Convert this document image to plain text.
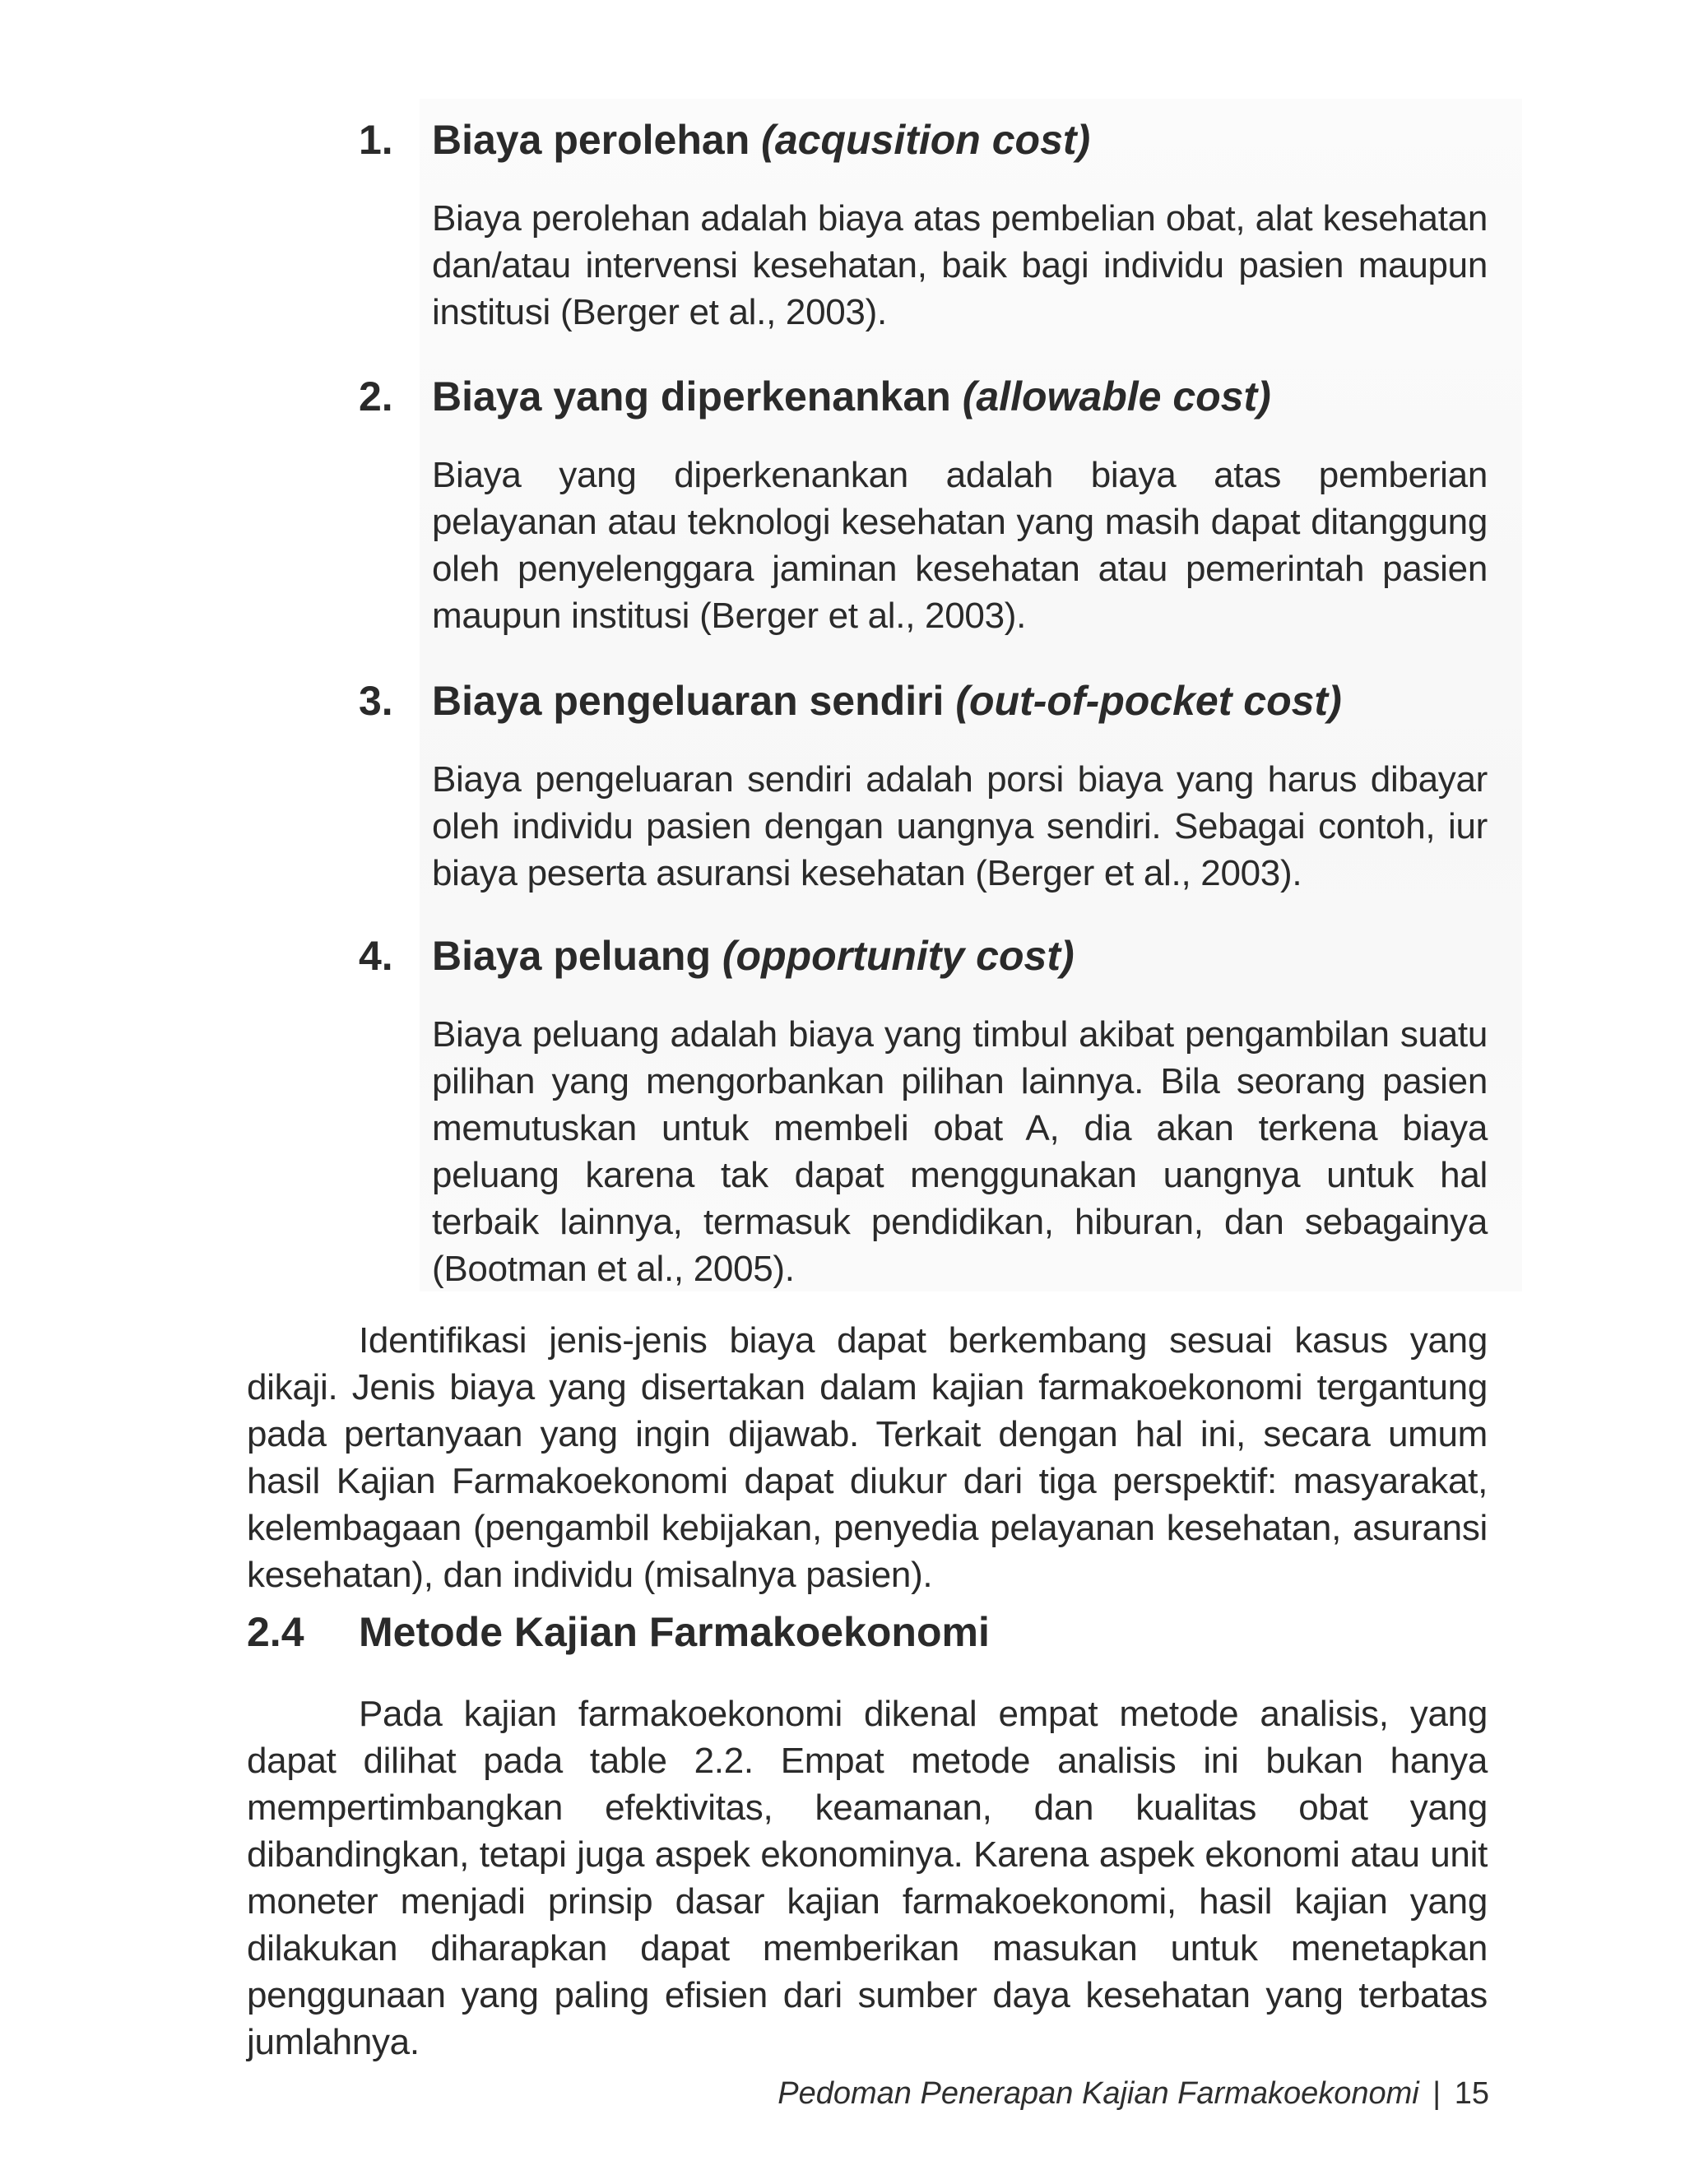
1. Biaya perolehan (acqusition cost)
Biaya perolehan adalah biaya atas pembelian obat, alat kesehatan dan/atau intervensi kesehatan, baik bagi individu pasien maupun institusi (Berger et al., 2003).
2. Biaya yang diperkenankan (allowable cost)
Biaya yang diperkenankan adalah biaya atas pemberian pelayanan atau teknologi kesehatan yang masih dapat ditanggung oleh penyelenggara jaminan kesehatan atau pemerintah pasien maupun institusi (Berger et al., 2003).
3. Biaya pengeluaran sendiri (out-of-pocket cost)
Biaya pengeluaran sendiri adalah porsi biaya yang harus dibayar oleh individu pasien dengan uangnya sendiri. Sebagai contoh, iur biaya peserta asuransi kesehatan (Berger et al., 2003).
4. Biaya peluang (opportunity cost)
Biaya peluang adalah biaya yang timbul akibat pengambilan suatu pilihan yang mengorbankan pilihan lainnya. Bila seorang pasien memutuskan untuk membeli obat A, dia akan terkena biaya peluang karena tak dapat menggunakan uangnya untuk hal terbaik lainnya, termasuk pendidikan, hiburan, dan sebagainya (Bootman et al., 2005).
Identifikasi jenis-jenis biaya dapat berkembang sesuai kasus yang dikaji. Jenis biaya yang disertakan dalam kajian farmakoekonomi tergantung pada pertanyaan yang ingin dijawab. Terkait dengan hal ini, secara umum hasil Kajian Farmakoekonomi dapat diukur dari tiga perspektif: masyarakat, kelembagaan (pengambil kebijakan, penyedia pelayanan kesehatan, asuransi kesehatan), dan individu (misalnya pasien).
2.4 Metode Kajian Farmakoekonomi
Pada kajian farmakoekonomi dikenal empat metode analisis, yang dapat dilihat pada table 2.2. Empat metode analisis ini bukan hanya mempertimbangkan efektivitas, keamanan, dan kualitas obat yang dibandingkan, tetapi juga aspek ekonominya. Karena aspek ekonomi atau unit moneter menjadi prinsip dasar kajian farmakoekonomi, hasil kajian yang dilakukan diharapkan dapat memberikan masukan untuk menetapkan penggunaan yang paling efisien dari sumber daya kesehatan yang terbatas jumlahnya.
Pedoman Penerapan Kajian Farmakoekonomi | 15
